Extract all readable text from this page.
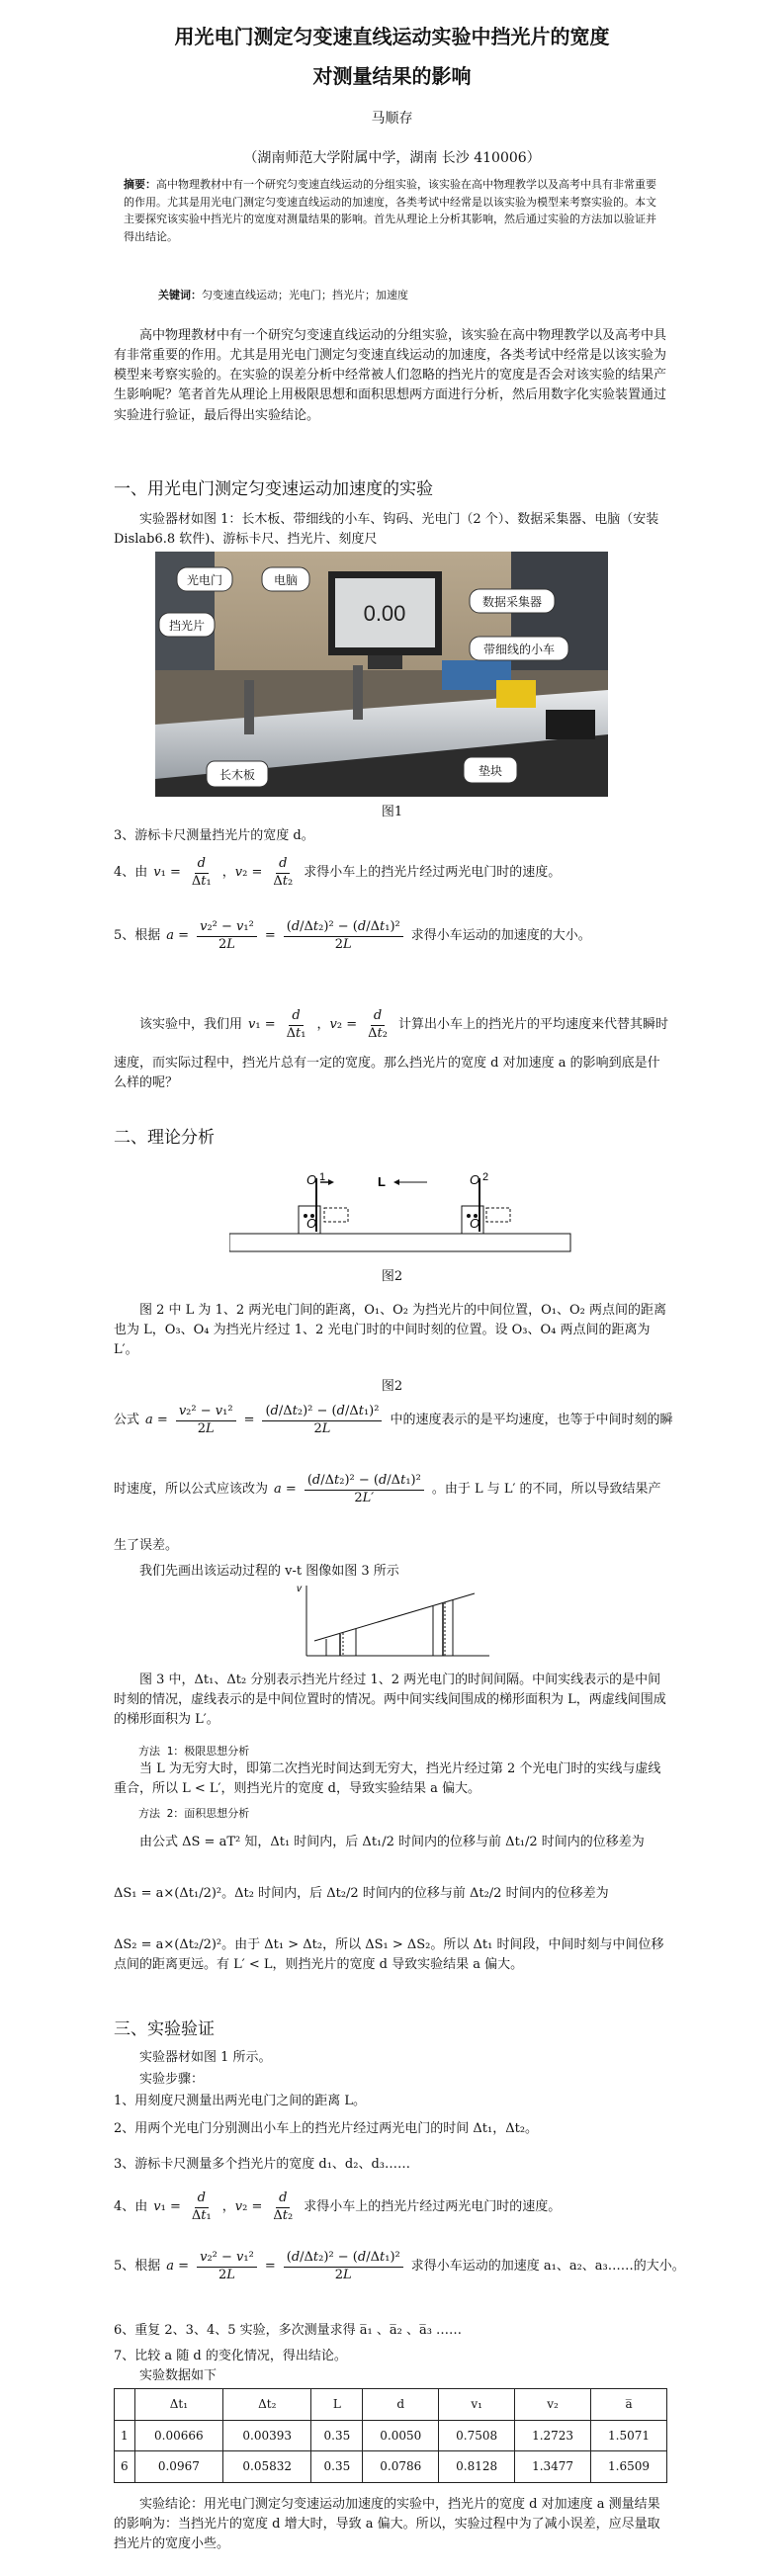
用光电门测定匀变速直线运动实验中挡光片的宽度
对测量结果的影响
马顺存
（湖南师范大学附属中学，湖南 长沙 410006）
摘要：高中物理教材中有一个研究匀变速直线运动的分组实验，该实验在高中物理教学以及高考中具有非常重要的作用。尤其是用光电门测定匀变速直线运动的加速度，各类考试中经常是以该实验为模型来考察实验的。本文主要探究该实验中挡光片的宽度对测量结果的影响。首先从理论上分析其影响，然后通过实验的方法加以验证并得出结论。
关键词：匀变速直线运动；光电门；挡光片；加速度
高中物理教材中有一个研究匀变速直线运动的分组实验，该实验在高中物理教学以及高考中具有非常重要的作用。尤其是用光电门测定匀变速直线运动的加速度，各类考试中经常是以该实验为模型来考察实验的。在实验的误差分析中经常被人们忽略的挡光片的宽度是否会对该实验的结果产生影响呢？笔者首先从理论上用极限思想和面积思想两方面进行分析，然后用数字化实验装置通过实验进行验证，最后得出实验结论。
一、用光电门测定匀变速运动加速度的实验
实验器材如图 1：长木板、带细线的小车、钩码、光电门（2 个）、数据采集器、电脑（安装 Dislab6.8 软件)、游标卡尺、挡光片、刻度尺
0.00
光电门	电脑
挡光片
数据采集器
带细线的小车
长木板	垫块
图1
3、游标卡尺测量挡光片的宽度 d。
4、由 $v_1 = \frac{d}{\text{Δt₁}}$ ，$v_2 = \frac{d}{\text{Δt₂}}$ 求得小车上的挡光片经过两光电门时的速度。
5、根据 $a = \frac{\text{v₂² − v₁²}}{2L} = \frac{\text{(d/Δt₂)² − (d/Δt₁)²}}{2L}$ 求得小车运动的加速度的大小。
该实验中，我们用 $v_1 = \frac{d}{\text{Δt₁}}$ ，$v_2 = \frac{d}{\text{Δt₂}}$ 计算出小车上的挡光片的平均速度来代替其瞬时
速度，而实际过程中，挡光片总有一定的宽度。那么挡光片的宽度 d 对加速度 a 的影响到底是什么样的呢？
二、理论分析
O
O
O
O
2
1	L
图2
图 2 中 L 为 1、2 两光电门间的距离，O₁、O₂ 为挡光片的中间位置，O₁、O₂ 两点间的距离也为 L，O₃、O₄ 为挡光片经过 1、2 光电门时的中间时刻的位置。设 O₃、O₄ 两点间的距离为 L′。
图2
公式 $a = \frac{\text{v₂² − v₁²}}{2L} = \frac{\text{(d/Δt₂)² − (d/Δt₁)²}}{2L}$ 中的速度表示的是平均速度，也等于中间时刻的瞬
时速度，所以公式应该改为 $a = \frac{\text{(d/Δt₂)² − (d/Δt₁)²}}{2L'}$ 。由于 L 与 L′ 的不同，所以导致结果产
生了误差。
我们先画出该运动过程的 v-t 图像如图 3 所示
v
图 3 中，Δt₁、Δt₂ 分别表示挡光片经过 1、2 两光电门的时间间隔。中间实线表示的是中间时刻的情况，虚线表示的是中间位置时的情况。两中间实线间围成的梯形面积为 L，两虚线间围成的梯形面积为 L′。
方法 1：极限思想分析
当 L 为无穷大时，即第二次挡光时间达到无穷大，挡光片经过第 2 个光电门时的实线与虚线重合，所以 L < L′，则挡光片的宽度 d，导致实验结果 a 偏大。
方法 2：面积思想分析
由公式 ΔS = aT² 知，Δt₁ 时间内，后 Δt₁/2 时间内的位移与前 Δt₁/2 时间内的位移差为
ΔS₁ = a×(Δt₁/2)²。Δt₂ 时间内，后 Δt₂/2 时间内的位移与前 Δt₂/2 时间内的位移差为
ΔS₂ = a×(Δt₂/2)²。由于 Δt₁ > Δt₂，所以 ΔS₁ > ΔS₂。所以 Δt₁ 时间段，中间时刻与中间位移点间的距离更远。有 L′ < L，则挡光片的宽度 d 导致实验结果 a 偏大。
三、实验验证
实验器材如图 1 所示。
实验步骤：
1、用刻度尺测量出两光电门之间的距离 L。
2、用两个光电门分别测出小车上的挡光片经过两光电门的时间 Δt₁，Δt₂。
3、游标卡尺测量多个挡光片的宽度 d₁、d₂、d₃……
4、由 $v_1 = \frac{d}{\text{Δt₁}}$ ，$v_2 = \frac{d}{\text{Δt₂}}$ 求得小车上的挡光片经过两光电门时的速度。
5、根据 $a = \frac{\text{v₂² − v₁²}}{2L} = \frac{\text{(d/Δt₂)² − (d/Δt₁)²}}{2L}$ 求得小车运动的加速度 a₁、a₂、a₃……的大小。
6、重复 2、3、4、5 实验，多次测量求得 a̅₁ 、a̅₂ 、a̅₃ ……
7、比较 a 随 d 的变化情况，得出结论。
实验数据如下
	Δt₁	Δt₂	L	d	v₁	v₂	a̅
1	0.00666	0.00393	0.35	0.0050	0.7508	1.2723	1.5071
6	0.0967	0.05832	0.35	0.0786	0.8128	1.3477	1.6509
实验结论：用光电门测定匀变速运动加速度的实验中，挡光片的宽度 d 对加速度 a 测量结果的影响为：当挡光片的宽度 d 增大时，导致 a 偏大。所以，实验过程中为了减小误差，应尽量取挡光片的宽度小些。
